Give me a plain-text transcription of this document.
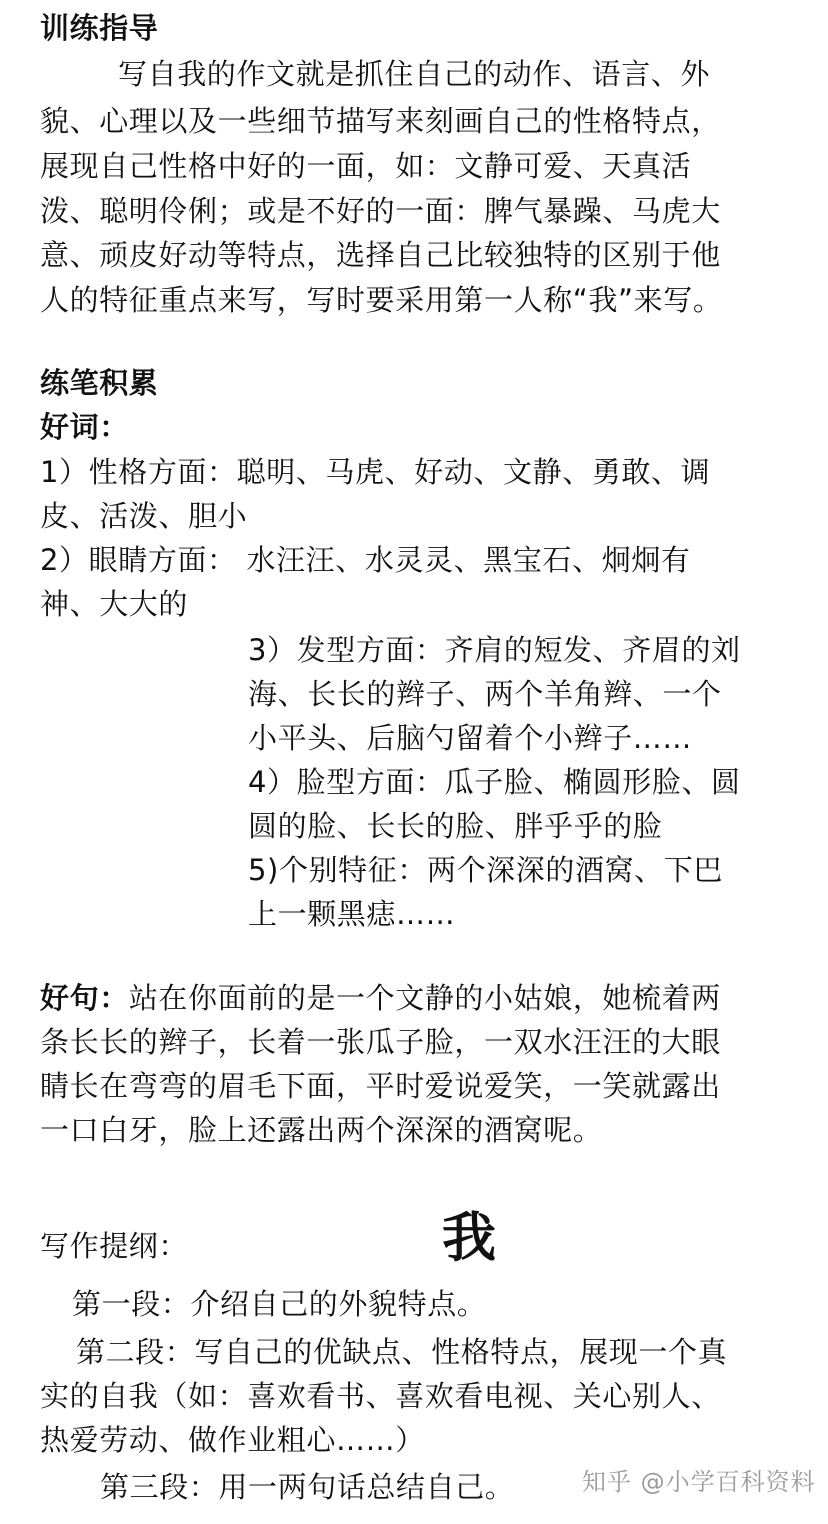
训练指导
写自我的作文就是抓住自己的动作、语言、外
貌、心理以及一些细节描写来刻画自己的性格特点，
展现自己性格中好的一面，如：文静可爱、天真活
泼、聪明伶俐；或是不好的一面：脾气暴躁、马虎大
意、顽皮好动等特点，选择自己比较独特的区别于他
人的特征重点来写，写时要采用第一人称“我”来写。
练笔积累
好词：
1）性格方面：聪明、马虎、好动、文静、勇敢、调
皮、活泼、胆小
2）眼睛方面： 水汪汪、水灵灵、黑宝石、炯炯有
神、大大的
3）发型方面：齐肩的短发、齐眉的刘
海、长长的辫子、两个羊角辫、一个
小平头、后脑勺留着个小辫子……
4）脸型方面：瓜子脸、椭圆形脸、圆
圆的脸、长长的脸、胖乎乎的脸
5)个别特征：两个深深的酒窝、下巴
上一颗黑痣……
好句：站在你面前的是一个文静的小姑娘，她梳着两
条长长的辫子，长着一张瓜子脸，一双水汪汪的大眼
睛长在弯弯的眉毛下面，平时爱说爱笑，一笑就露出
一口白牙，脸上还露出两个深深的酒窝呢。
写作提纲：	我
第一段：介绍自己的外貌特点。
第二段：写自己的优缺点、性格特点，展现一个真
实的自我（如：喜欢看书、喜欢看电视、关心别人、
热爱劳动、做作业粗心……）
第三段：用一两句话总结自己。	知乎 @小学百科资料
